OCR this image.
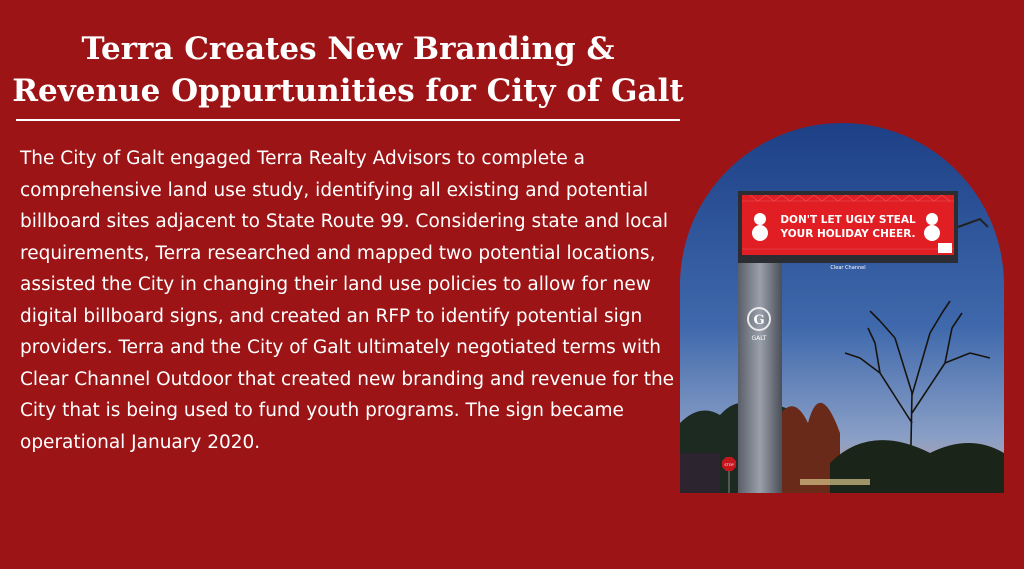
Terra Creates New Branding & Revenue Oppurtunities for City of Galt

The City of Galt engaged Terra Realty Advisors to complete a comprehensive land use study, identifying all existing and potential billboard sites adjacent to State Route 99. Considering state and local requirements, Terra researched and mapped two potential locations, assisted the City in changing their land use policies to allow for new digital billboard signs, and created an RFP to identify potential sign providers. Terra and the City of Galt ultimately negotiated terms with Clear Channel Outdoor that created new branding and revenue for the City that is being used to fund youth programs. The sign became operational January 2020.

G
GALT
DON'T LET UGLY STEAL
YOUR HOLIDAY CHEER.
Clear Channel
STOP
